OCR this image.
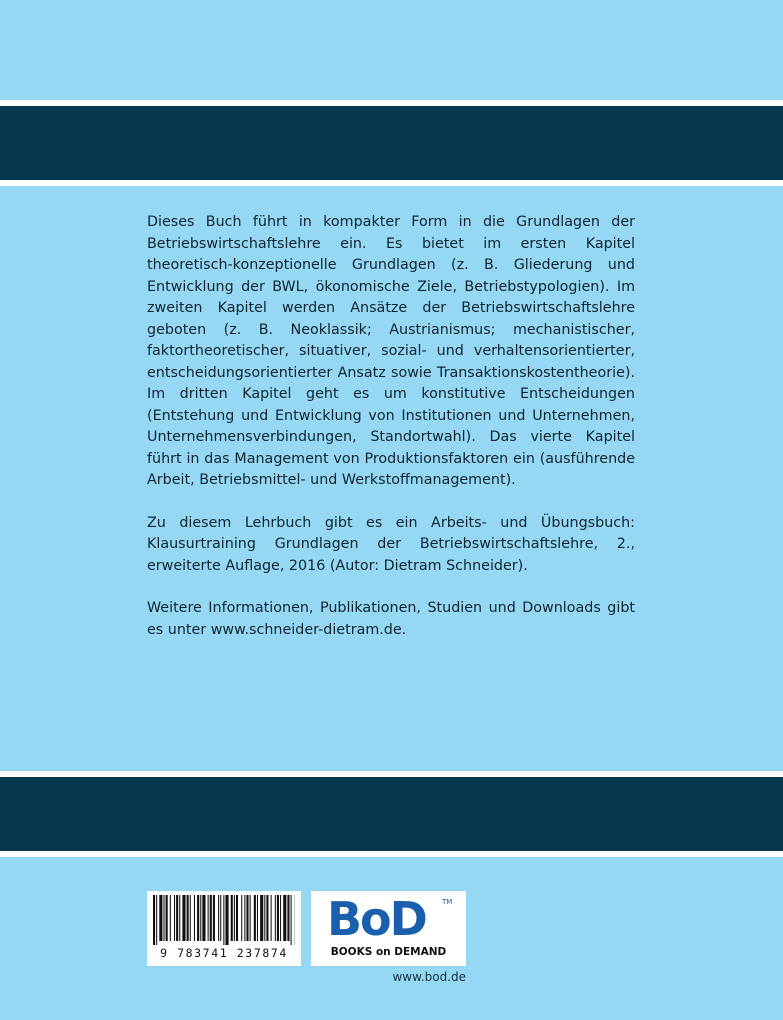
Dieses Buch führt in kompakter Form in die Grundlagen der Betriebswirtschaftslehre ein. Es bietet im ersten Kapitel theoretisch-konzeptionelle Grundlagen (z. B. Gliederung und Entwicklung der BWL, ökonomische Ziele, Betriebstypologien). Im zweiten Kapitel werden Ansätze der Betriebswirtschaftslehre geboten (z. B. Neoklassik; Austrianismus; mechanistischer, faktortheoretischer, situativer, sozial- und verhaltensorientierter, entscheidungsorientierter Ansatz sowie Transaktionskostentheorie). Im dritten Kapitel geht es um konstitutive Entscheidungen (Entstehung und Entwicklung von Institutionen und Unternehmen, Unternehmensverbindungen, Standortwahl). Das vierte Kapitel führt in das Management von Produktionsfaktoren ein (ausführende Arbeit, Betriebsmittel- und Werkstoffmanagement).

Zu diesem Lehrbuch gibt es ein Arbeits- und Übungsbuch: Klausurtraining Grundlagen der Betriebswirtschaftslehre, 2., erweiterte Auflage, 2016 (Autor: Dietram Schneider).

Weitere Informationen, Publikationen, Studien und Downloads gibt es unter www.schneider-dietram.de.

9 783741 237874
BoD TM
BOOKS on DEMAND
www.bod.de
